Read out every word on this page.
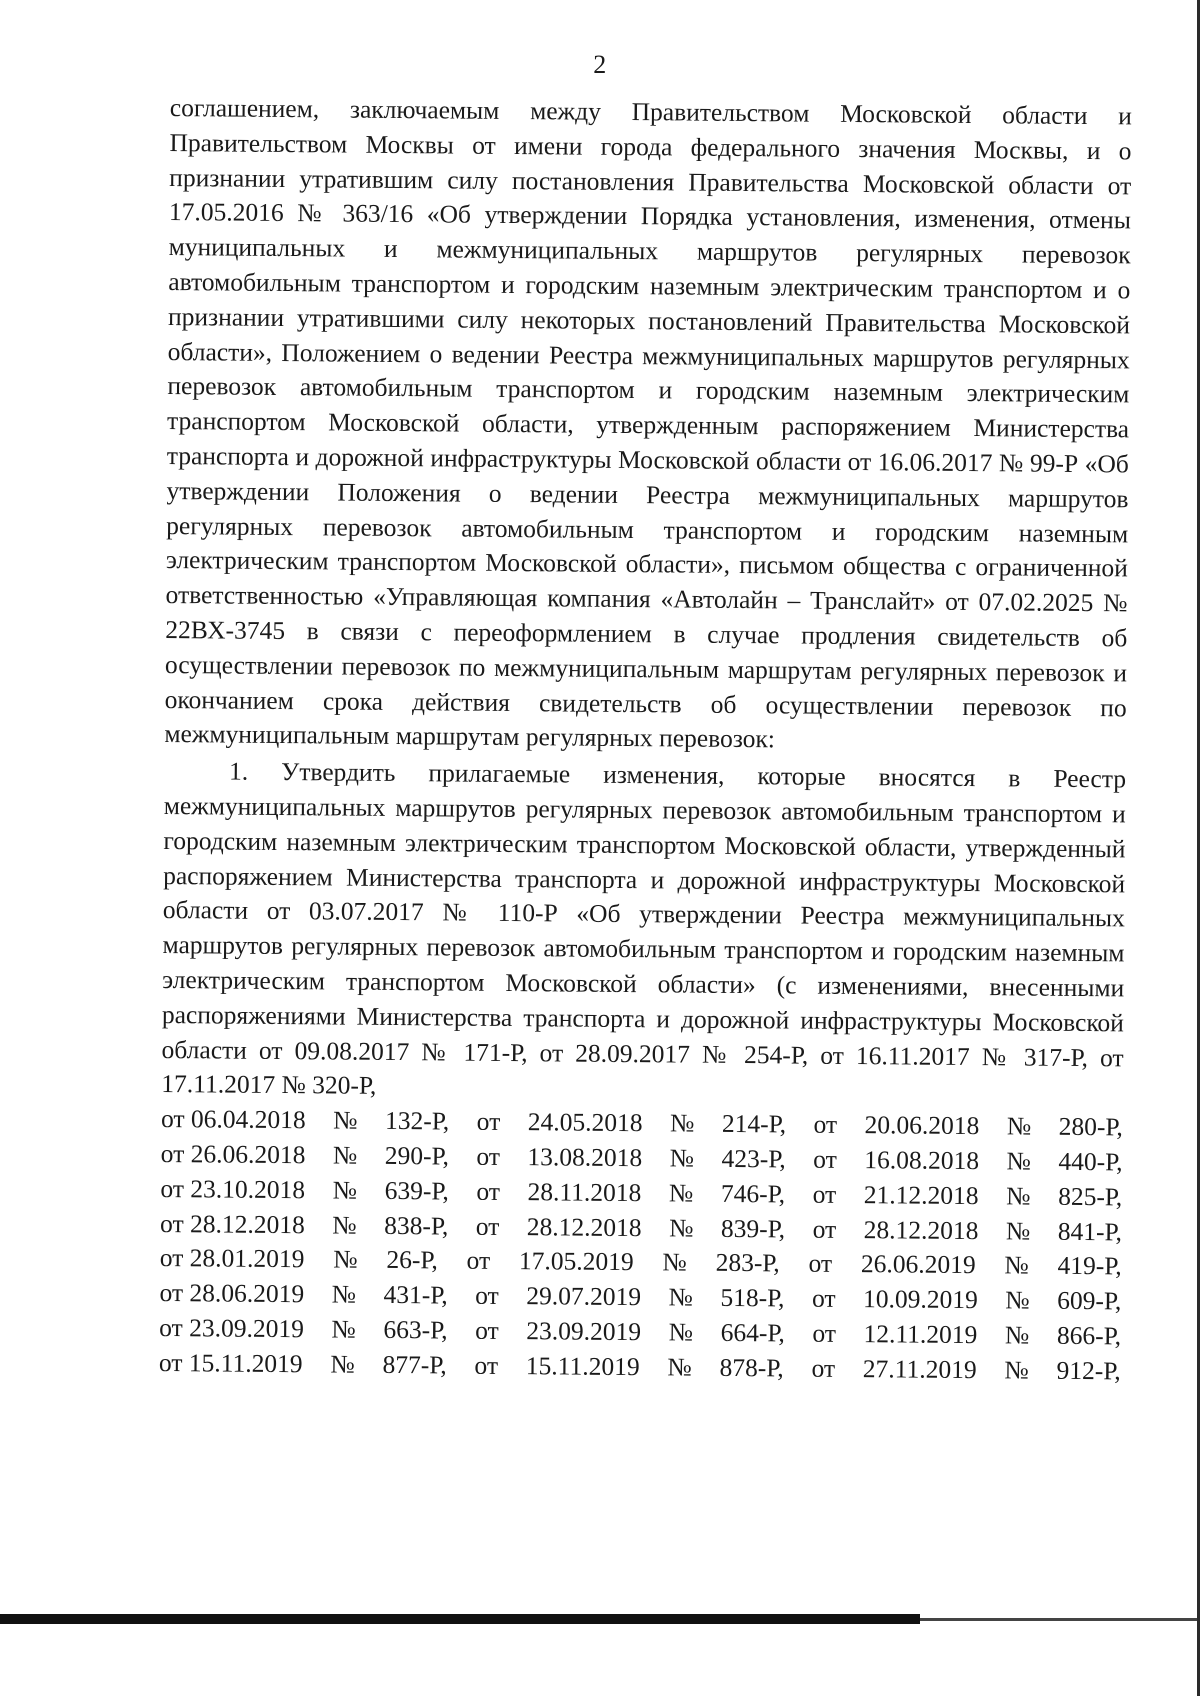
2

соглашением, заключаемым между Правительством Московской области и Правительством Москвы от имени города федерального значения Москвы, и о признании утратившим силу постановления Правительства Московской области от 17.05.2016 № 363/16 «Об утверждении Порядка установления, изменения, отмены муниципальных и межмуниципальных маршрутов регулярных перевозок автомобильным транспортом и городским наземным электрическим транспортом и о признании утратившими силу некоторых постановлений Правительства Московской области», Положением о ведении Реестра межмуниципальных маршрутов регулярных перевозок автомобильным транспортом и городским наземным электрическим транспортом Московской области, утвержденным распоряжением Министерства транспорта и дорожной инфраструктуры Московской области от 16.06.2017 № 99-Р «Об утверждении Положения о ведении Реестра межмуниципальных маршрутов регулярных перевозок автомобильным транспортом и городским наземным электрическим транспортом Московской области», письмом общества с ограниченной ответственностью «Управляющая компания «Автолайн – Транслайт» от 07.02.2025 № 22ВХ-3745 в связи с переоформлением в случае продления свидетельств об осуществлении перевозок по межмуниципальным маршрутам регулярных перевозок и окончанием срока действия свидетельств об осуществлении перевозок по межмуниципальным маршрутам регулярных перевозок:

1. Утвердить прилагаемые изменения, которые вносятся в Реестр межмуниципальных маршрутов регулярных перевозок автомобильным транспортом и городским наземным электрическим транспортом Московской области, утвержденный распоряжением Министерства транспорта и дорожной инфраструктуры Московской области от 03.07.2017 № 110-Р «Об утверждении Реестра межмуниципальных маршрутов регулярных перевозок автомобильным транспортом и городским наземным электрическим транспортом Московской области» (с изменениями, внесенными распоряжениями Министерства транспорта и дорожной инфраструктуры Московской области от 09.08.2017 № 171-Р, от 28.09.2017 № 254-Р, от 16.11.2017 № 317-Р, от 17.11.2017 № 320-Р,

от 06.04.2018 № 132-Р, от 24.05.2018 № 214-Р, от 20.06.2018 № 280-Р,
от 26.06.2018 № 290-Р, от 13.08.2018 № 423-Р, от 16.08.2018 № 440-Р,
от 23.10.2018 № 639-Р, от 28.11.2018 № 746-Р, от 21.12.2018 № 825-Р,
от 28.12.2018 № 838-Р, от 28.12.2018 № 839-Р, от 28.12.2018 № 841-Р,
от 28.01.2019 № 26-Р, от 17.05.2019 № 283-Р, от 26.06.2019 № 419-Р,
от 28.06.2019 № 431-Р, от 29.07.2019 № 518-Р, от 10.09.2019 № 609-Р,
от 23.09.2019 № 663-Р, от 23.09.2019 № 664-Р, от 12.11.2019 № 866-Р,
от 15.11.2019 № 877-Р, от 15.11.2019 № 878-Р, от 27.11.2019 № 912-Р,
